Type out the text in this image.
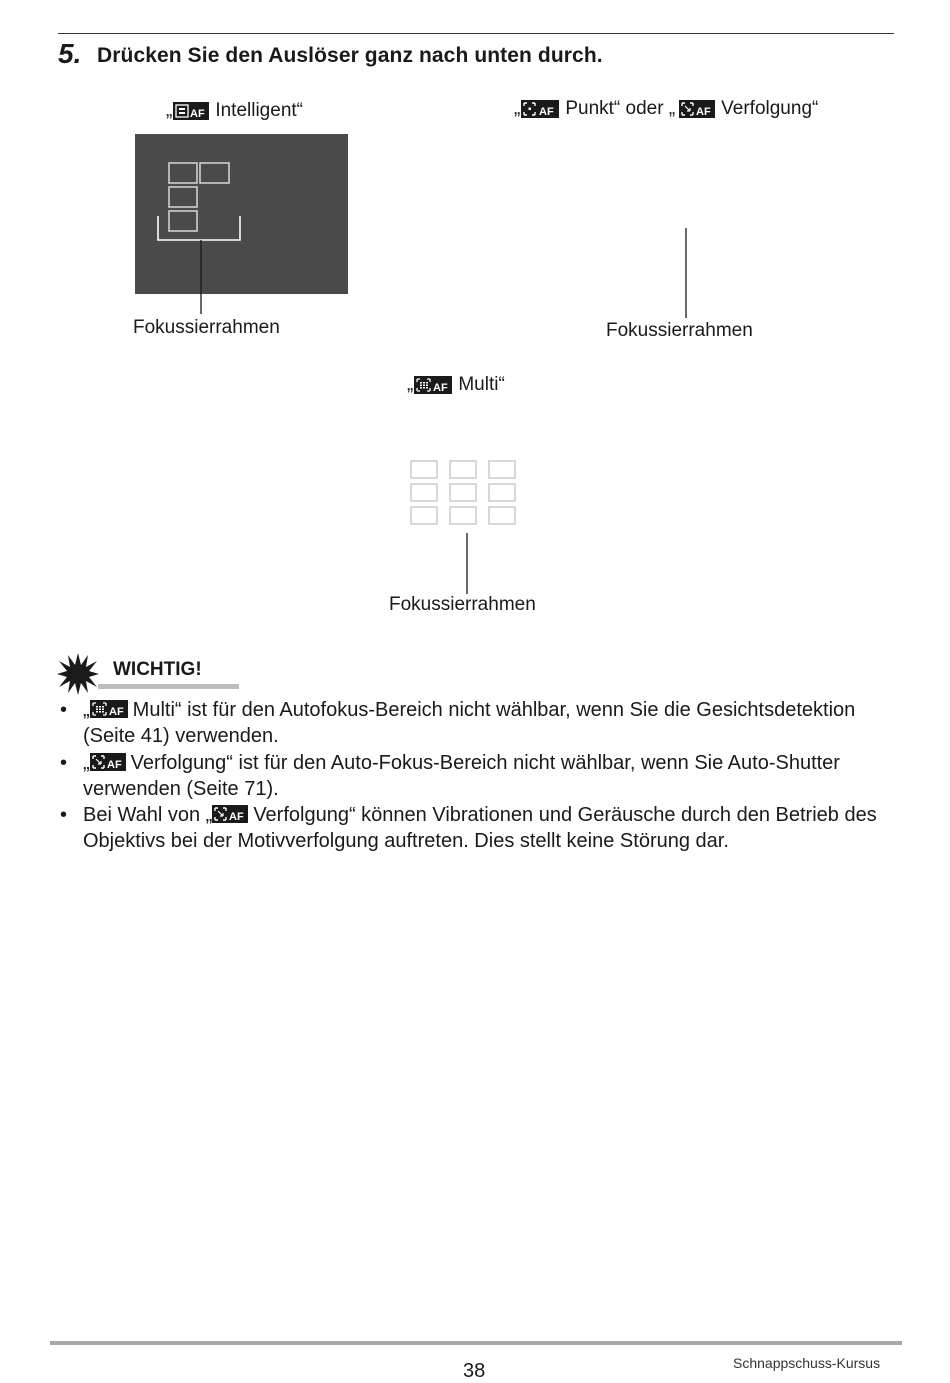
5. Drücken Sie den Auslöser ganz nach unten durch.
„ AF Intelligent“	„ AF Punkt“ oder „ AF Verfolgung“
Fokussierrahmen	Fokussierrahmen
„ AF Multi“
Fokussierrahmen
WICHTIG!
• „ AF Multi“ ist für den Autofokus-Bereich nicht wählbar, wenn Sie die Gesichtsdetektion (Seite 41) verwenden.
• „ AF Verfolgung“ ist für den Auto-Fokus-Bereich nicht wählbar, wenn Sie Auto-Shutter verwenden (Seite 71).
• Bei Wahl von „ AF Verfolgung“ können Vibrationen und Geräusche durch den Betrieb des Objektivs bei der Motivverfolgung auftreten. Dies stellt keine Störung dar.
38	Schnappschuss-Kursus
